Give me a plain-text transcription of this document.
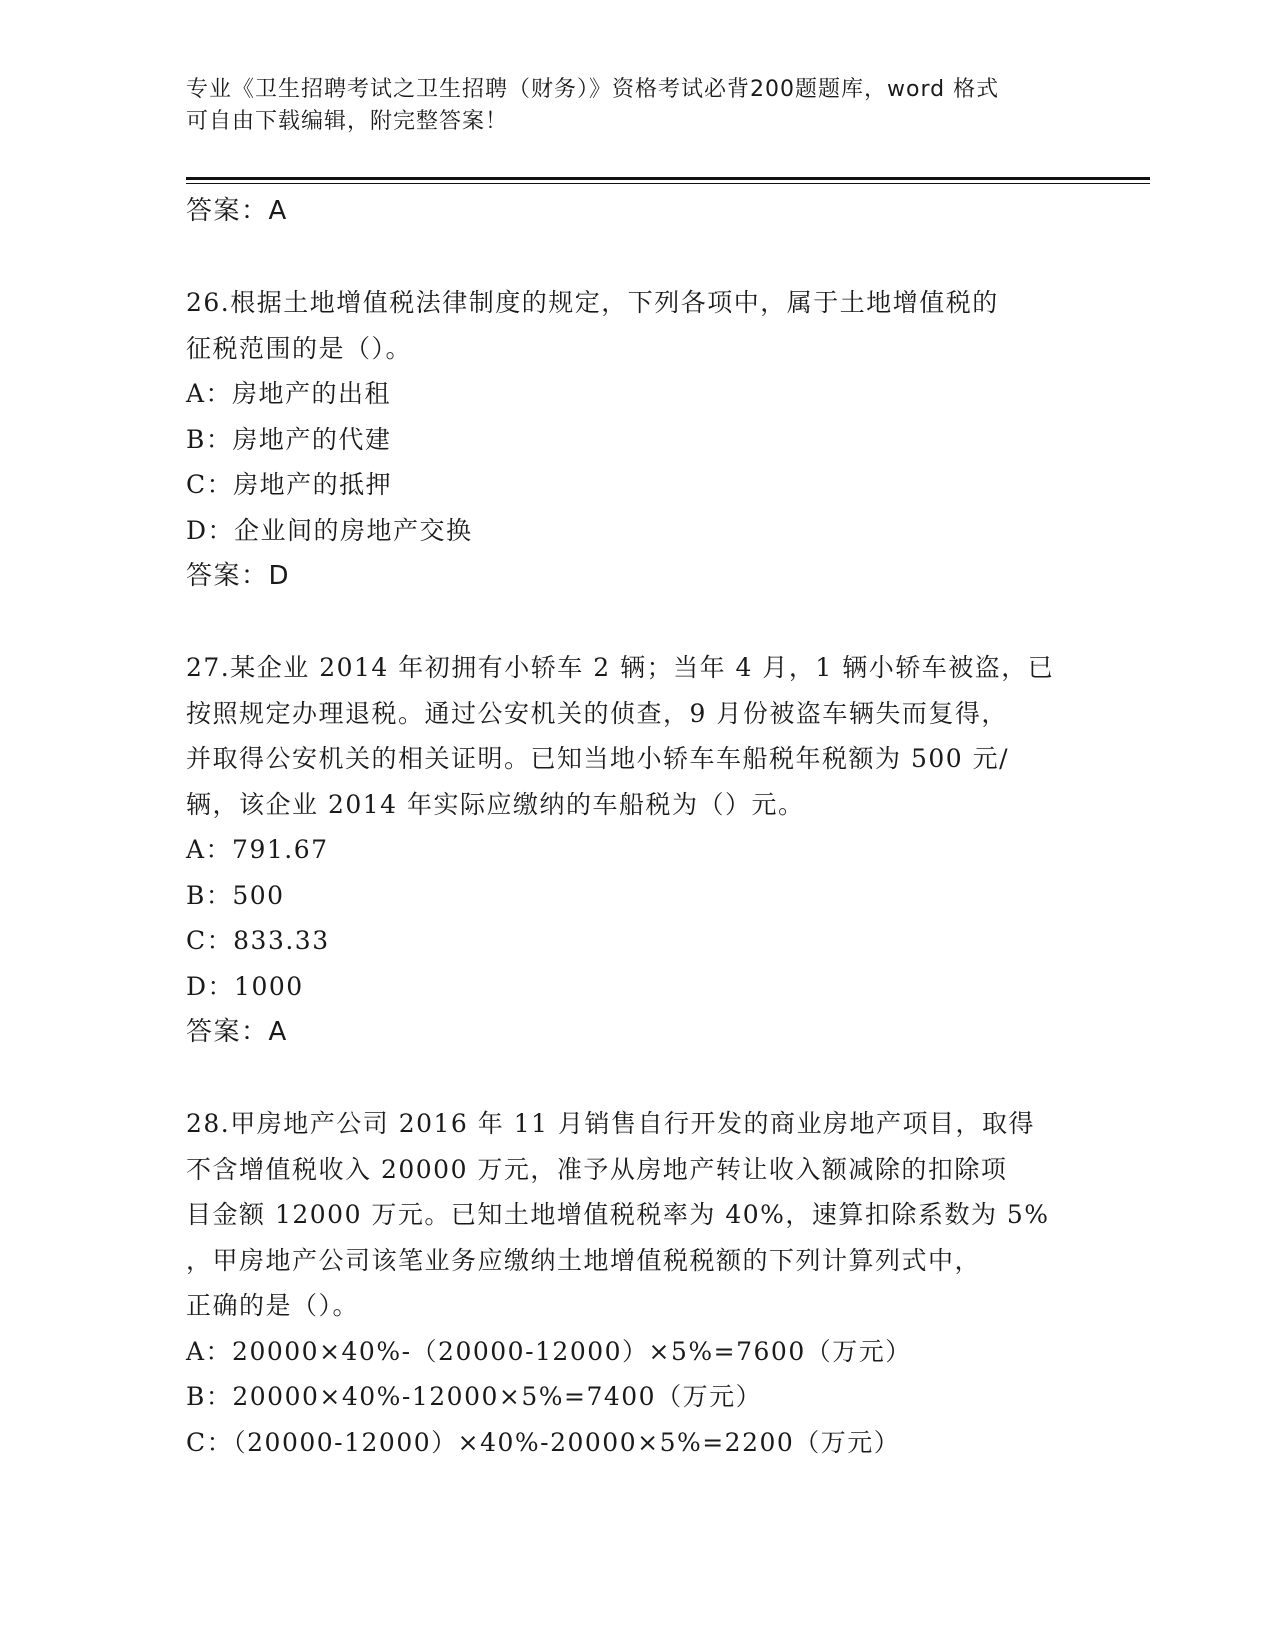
专业《卫生招聘考试之卫生招聘（财务）》资格考试必背200题题库，word 格式
可自由下载编辑，附完整答案！
答案：A
26.根据土地增值税法律制度的规定，下列各项中，属于土地增值税的
征税范围的是（）。
A：房地产的出租
B：房地产的代建
C：房地产的抵押
D：企业间的房地产交换
答案：D
27.某企业 2014 年初拥有小轿车 2 辆；当年 4 月，1 辆小轿车被盗，已
按照规定办理退税。通过公安机关的侦查，9 月份被盗车辆失而复得，
并取得公安机关的相关证明。已知当地小轿车车船税年税额为 500 元/
辆，该企业 2014 年实际应缴纳的车船税为（）元。
A：791.67
B：500
C：833.33
D：1000
答案：A
28.甲房地产公司 2016 年 11 月销售自行开发的商业房地产项目，取得
不含增值税收入 20000 万元，准予从房地产转让收入额减除的扣除项
目金额 12000 万元。已知土地增值税税率为 40%，速算扣除系数为 5%
，甲房地产公司该笔业务应缴纳土地增值税税额的下列计算列式中，
正确的是（）。
A：20000×40%-（20000-12000）×5%=7600（万元）
B：20000×40%-12000×5%=7400（万元）
C：（20000-12000）×40%-20000×5%=2200（万元）
